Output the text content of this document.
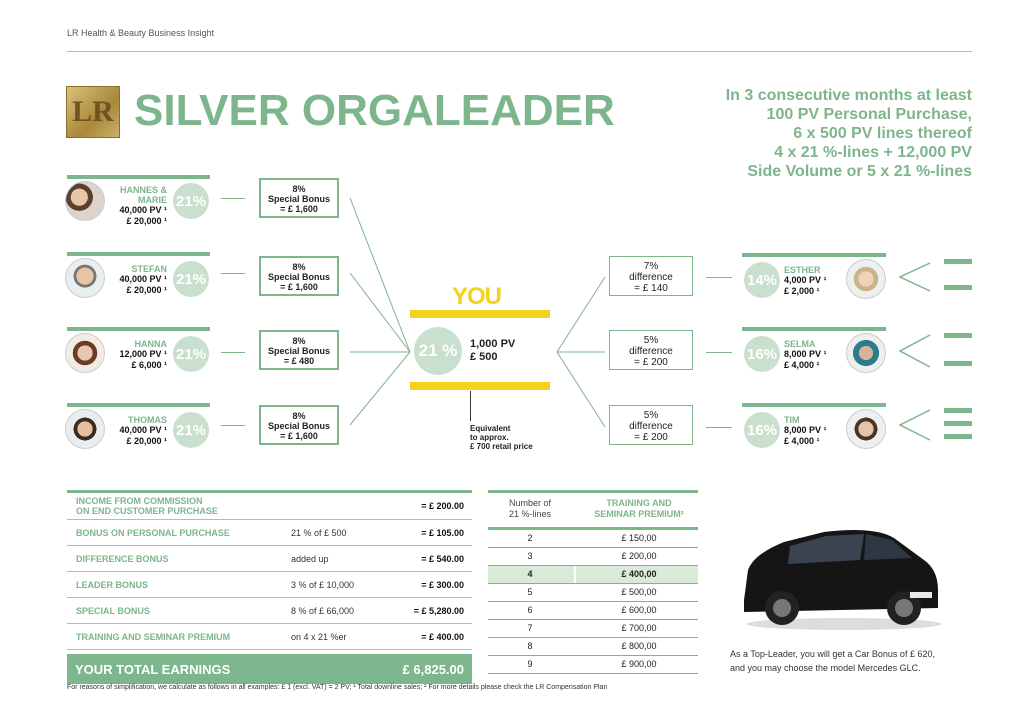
LR Health & Beauty Business Insight
LR SILVER ORGALEADER	In 3 consecutive months at least
100 PV Personal Purchase,
6 x 500 PV lines thereof
4 x 21 %-lines + 12,000 PV
Side Volume or 5 x 21 %-lines
HANNES &
MARIE
40,000 PV ¹
£ 20,000 ¹
21%
8%
Special Bonus
= £ 1,600
STEFAN
40,000 PV ¹
£ 20,000 ¹
21%
8%
Special Bonus
= £ 1,600
HANNA
12,000 PV ¹
£ 6,000 ¹
21%
8%
Special Bonus
= £ 480
THOMAS
40,000 PV ¹
£ 20,000 ¹
21%
8%
Special Bonus
= £ 1,600
YOU
21 %	1,000 PV
£ 500
Equivalent
to approx.
£ 700 retail price
7%
difference
= £ 140	14%
ESTHER
4,000 PV ¹
£ 2,000 ¹
5%
difference
= £ 200	16%
SELMA
8,000 PV ¹
£ 4,000 ¹
5%
difference
= £ 200	16%
TIM
8,000 PV ¹
£ 4,000 ¹
INCOME FROM COMMISSION
ON END CUSTOMER PURCHASE	= £ 200.00
BONUS ON PERSONAL PURCHASE	21 % of £ 500	= £ 105.00
DIFFERENCE BONUS	added up	= £ 540.00
LEADER BONUS	3 % of £ 10,000	= £ 300.00
SPECIAL BONUS	8 % of £ 66,000	= £ 5,280.00
TRAINING AND SEMINAR PREMIUM	on 4 x 21 %er	= £ 400.00
YOUR TOTAL EARNINGS	£ 6,825.00
Number of
21 %-lines
TRAINING AND
SEMINAR PREMIUM²
2	£ 150,00
3	£ 200,00
4	£ 400,00
5	£ 500,00
6	£ 600,00
7	£ 700,00
8	£ 800,00
9	£ 900,00
As a Top-Leader, you will get a Car Bonus of £ 620,
and you may choose the model Mercedes GLC.
For reasons of simplification, we calculate as follows in all examples: £ 1 (excl. VAT) = 2 PV; ¹ Total downline sales; ² For more details please check the LR Compensation Plan
